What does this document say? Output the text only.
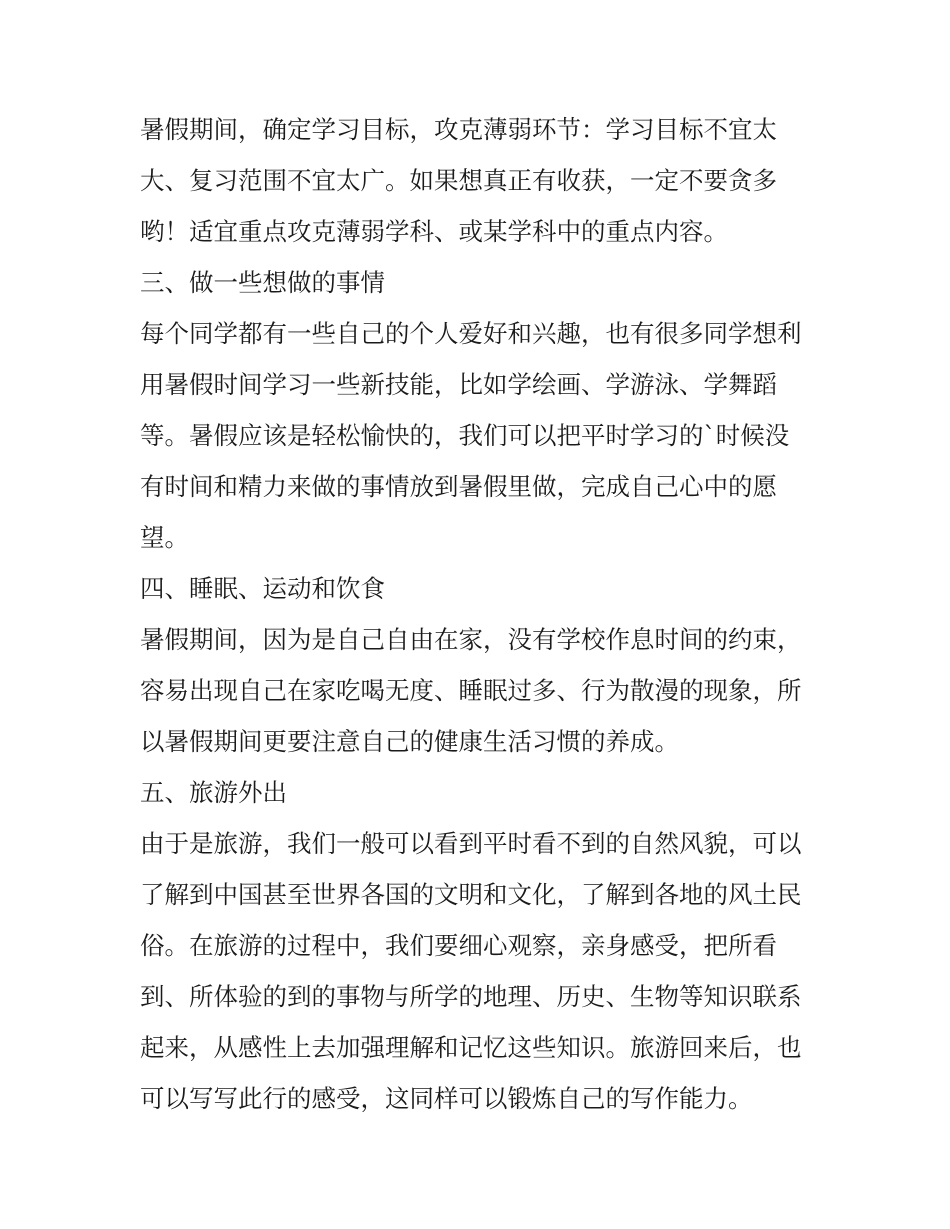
暑假期间，确定学习目标，攻克薄弱环节：学习目标不宜太
大、复习范围不宜太广。如果想真正有收获，一定不要贪多
哟！适宜重点攻克薄弱学科、或某学科中的重点内容。
三、做一些想做的事情
每个同学都有一些自己的个人爱好和兴趣，也有很多同学想利
用暑假时间学习一些新技能，比如学绘画、学游泳、学舞蹈
等。暑假应该是轻松愉快的，我们可以把平时学习的`时候没
有时间和精力来做的事情放到暑假里做，完成自己心中的愿
望。
四、睡眠、运动和饮食
暑假期间，因为是自己自由在家，没有学校作息时间的约束，
容易出现自己在家吃喝无度、睡眠过多、行为散漫的现象，所
以暑假期间更要注意自己的健康生活习惯的养成。
五、旅游外出
由于是旅游，我们一般可以看到平时看不到的自然风貌，可以
了解到中国甚至世界各国的文明和文化，了解到各地的风土民
俗。在旅游的过程中，我们要细心观察，亲身感受，把所看
到、所体验的到的事物与所学的地理、历史、生物等知识联系
起来，从感性上去加强理解和记忆这些知识。旅游回来后，也
可以写写此行的感受，这同样可以锻炼自己的写作能力。
